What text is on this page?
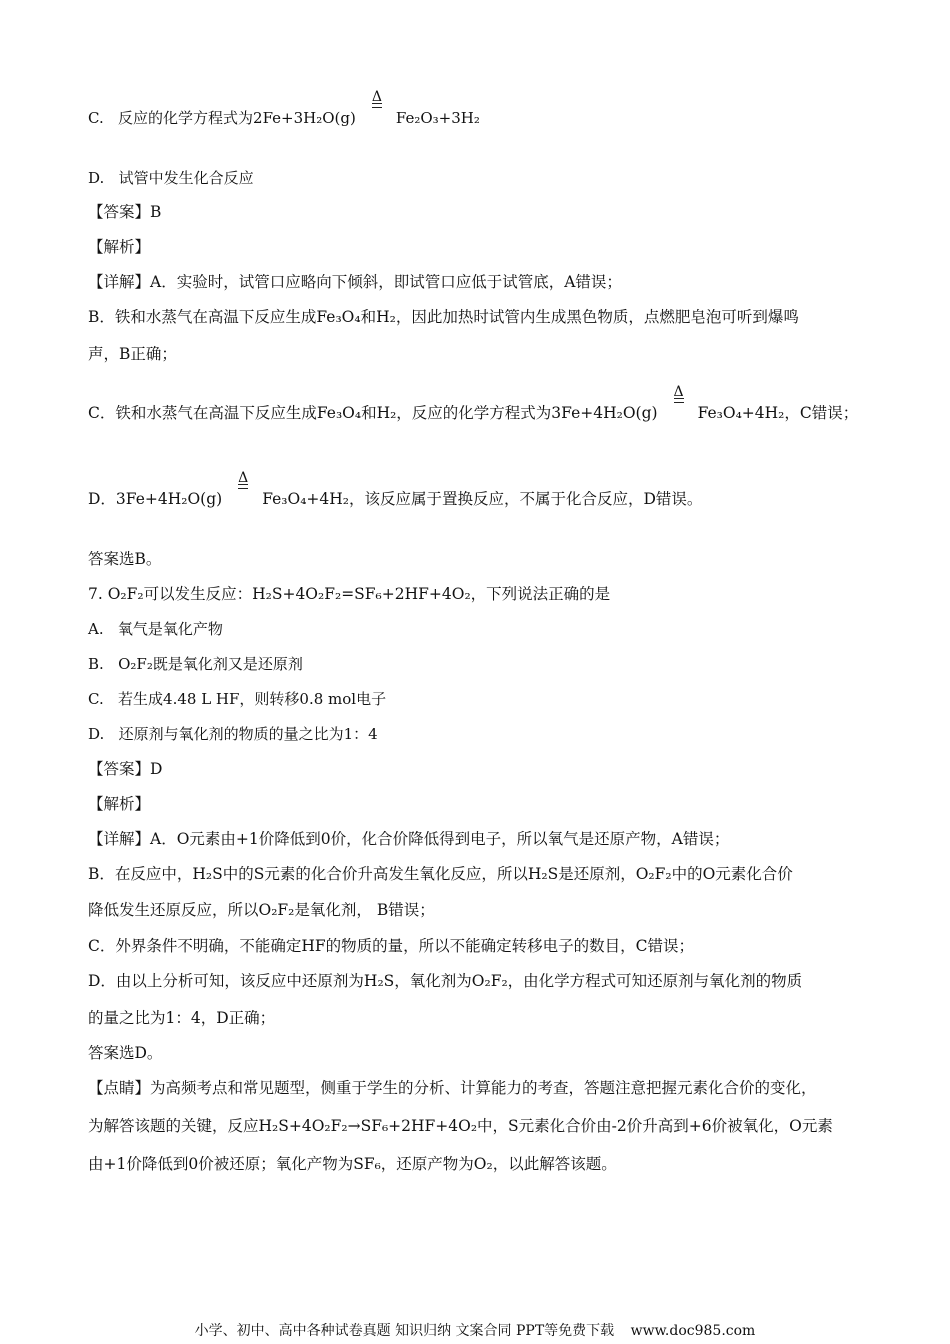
C. 反应的化学方程式为2Fe+3H₂O(g)
Δ
Fe₂O₃+3H₂
D. 试管中发生化合反应
【答案】B
【解析】
【详解】A．实验时，试管口应略向下倾斜，即试管口应低于试管底，A错误；
B．铁和水蒸气在高温下反应生成Fe₃O₄和H₂，因此加热时试管内生成黑色物质，点燃肥皂泡可听到爆鸣
声，B正确；
C．铁和水蒸气在高温下反应生成Fe₃O₄和H₂，反应的化学方程式为3Fe+4H₂O(g)
Δ
Fe₃O₄+4H₂，C错误；
D．3Fe+4H₂O(g)
Δ
Fe₃O₄+4H₂，该反应属于置换反应，不属于化合反应，D错误。
答案选B。
7. O₂F₂可以发生反应：H₂S+4O₂F₂=SF₆+2HF+4O₂，下列说法正确的是
A. 氧气是氧化产物
B. O₂F₂既是氧化剂又是还原剂
C. 若生成4.48 L HF，则转移0.8 mol电子
D. 还原剂与氧化剂的物质的量之比为1：4
【答案】D
【解析】
【详解】A．O元素由+1价降低到0价，化合价降低得到电子，所以氧气是还原产物，A错误；
B．在反应中，H₂S中的S元素的化合价升高发生氧化反应，所以H₂S是还原剂，O₂F₂中的O元素化合价
降低发生还原反应，所以O₂F₂是氧化剂， B错误；
C．外界条件不明确，不能确定HF的物质的量，所以不能确定转移电子的数目，C错误；
D．由以上分析可知，该反应中还原剂为H₂S，氧化剂为O₂F₂，由化学方程式可知还原剂与氧化剂的物质
的量之比为1：4，D正确；
答案选D。
【点睛】为高频考点和常见题型，侧重于学生的分析、计算能力的考查，答题注意把握元素化合价的变化，
为解答该题的关键，反应H₂S+4O₂F₂→SF₆+2HF+4O₂中，S元素化合价由-2价升高到+6价被氧化，O元素
由+1价降低到0价被还原；氧化产物为SF₆，还原产物为O₂，以此解答该题。
小学、初中、高中各种试卷真题 知识归纳 文案合同 PPT等免费下载 www.doc985.com
